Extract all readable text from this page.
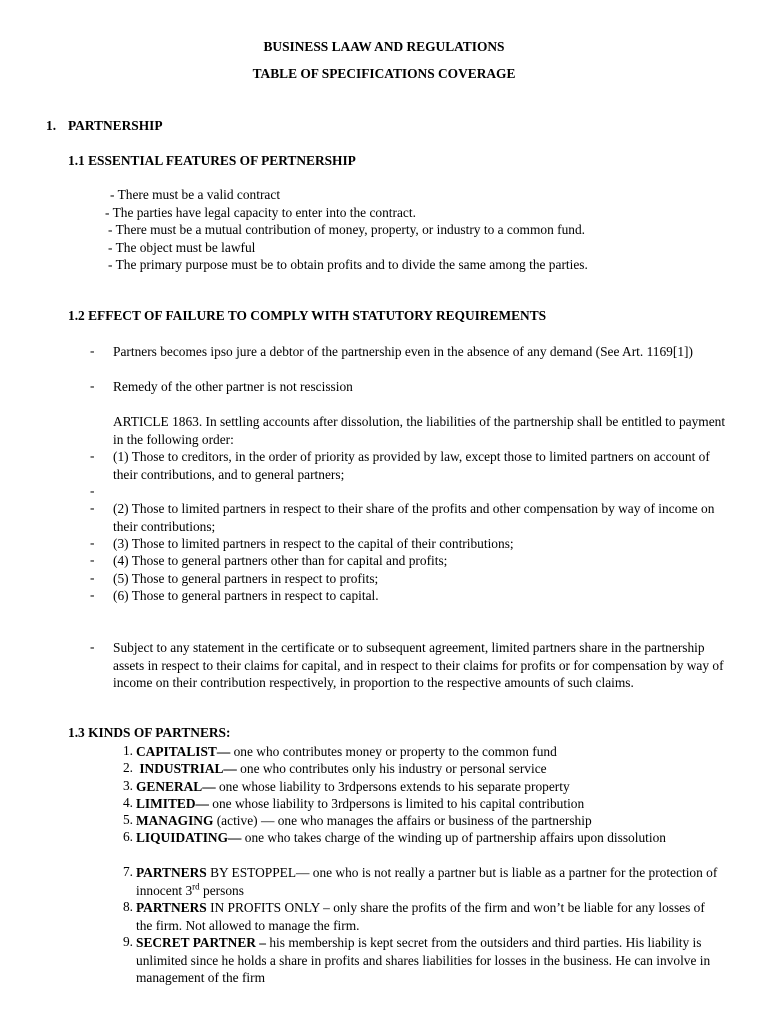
BUSINESS LAAW AND REGULATIONS
TABLE OF SPECIFICATIONS COVERAGE
1. PARTNERSHIP
1.1 ESSENTIAL FEATURES OF PERTNERSHIP
- There must be a valid contract
- The parties have legal capacity to enter into the contract.
- There must be a mutual contribution of money, property, or industry to a common fund.
- The object must be lawful
- The primary purpose must be to obtain profits and to divide the same among the parties.
1.2 EFFECT OF FAILURE TO COMPLY WITH STATUTORY REQUIREMENTS
- Partners becomes ipso jure a debtor of the partnership even in the absence of any demand (See Art. 1169[1])
- Remedy of the other partner is not rescission
ARTICLE 1863. In settling accounts after dissolution, the liabilities of the partnership shall be entitled to payment in the following order:
- (1) Those to creditors, in the order of priority as provided by law, except those to limited partners on account of their contributions, and to general partners;
-
- (2) Those to limited partners in respect to their share of the profits and other compensation by way of income on their contributions;
- (3) Those to limited partners in respect to the capital of their contributions;
- (4) Those to general partners other than for capital and profits;
- (5) Those to general partners in respect to profits;
- (6) Those to general partners in respect to capital.
- Subject to any statement in the certificate or to subsequent agreement, limited partners share in the partnership assets in respect to their claims for capital, and in respect to their claims for profits or for compensation by way of income on their contribution respectively, in proportion to the respective amounts of such claims.
1.3 KINDS OF PARTNERS:
1. CAPITALIST— one who contributes money or property to the common fund
2. INDUSTRIAL— one who contributes only his industry or personal service
3. GENERAL— one whose liability to 3rdpersons extends to his separate property
4. LIMITED— one whose liability to 3rdpersons is limited to his capital contribution
5. MANAGING (active) — one who manages the affairs or business of the partnership
6. LIQUIDATING— one who takes charge of the winding up of partnership affairs upon dissolution
7. PARTNERS BY ESTOPPEL— one who is not really a partner but is liable as a partner for the protection of innocent 3rd persons
8. PARTNERS IN PROFITS ONLY – only share the profits of the firm and won’t be liable for any losses of the firm. Not allowed to manage the firm.
9. SECRET PARTNER – his membership is kept secret from the outsiders and third parties. His liability is unlimited since he holds a share in profits and shares liabilities for losses in the business. He can involve in management of the firm
